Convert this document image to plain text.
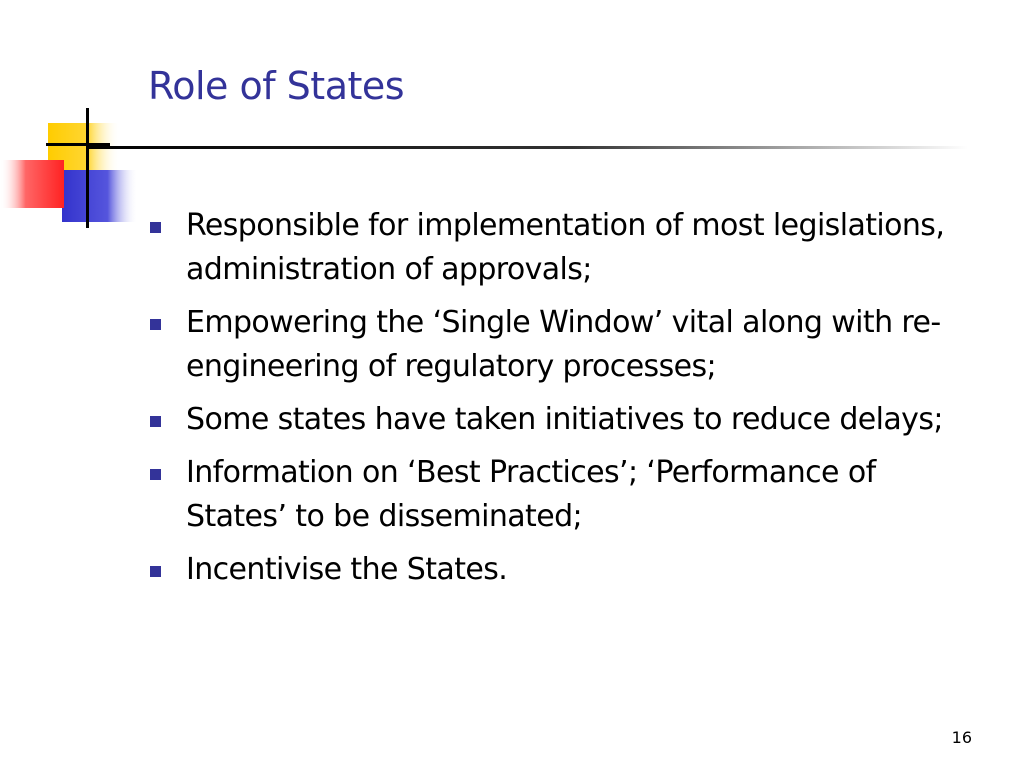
Role of States
Responsible for implementation of most legislations, administration of approvals;
Empowering the ‘Single Window’ vital along with re-engineering of regulatory processes;
Some states have taken initiatives to reduce delays;
Information on ‘Best Practices’; ‘Performance of States’ to be disseminated;
Incentivise the States.
16
